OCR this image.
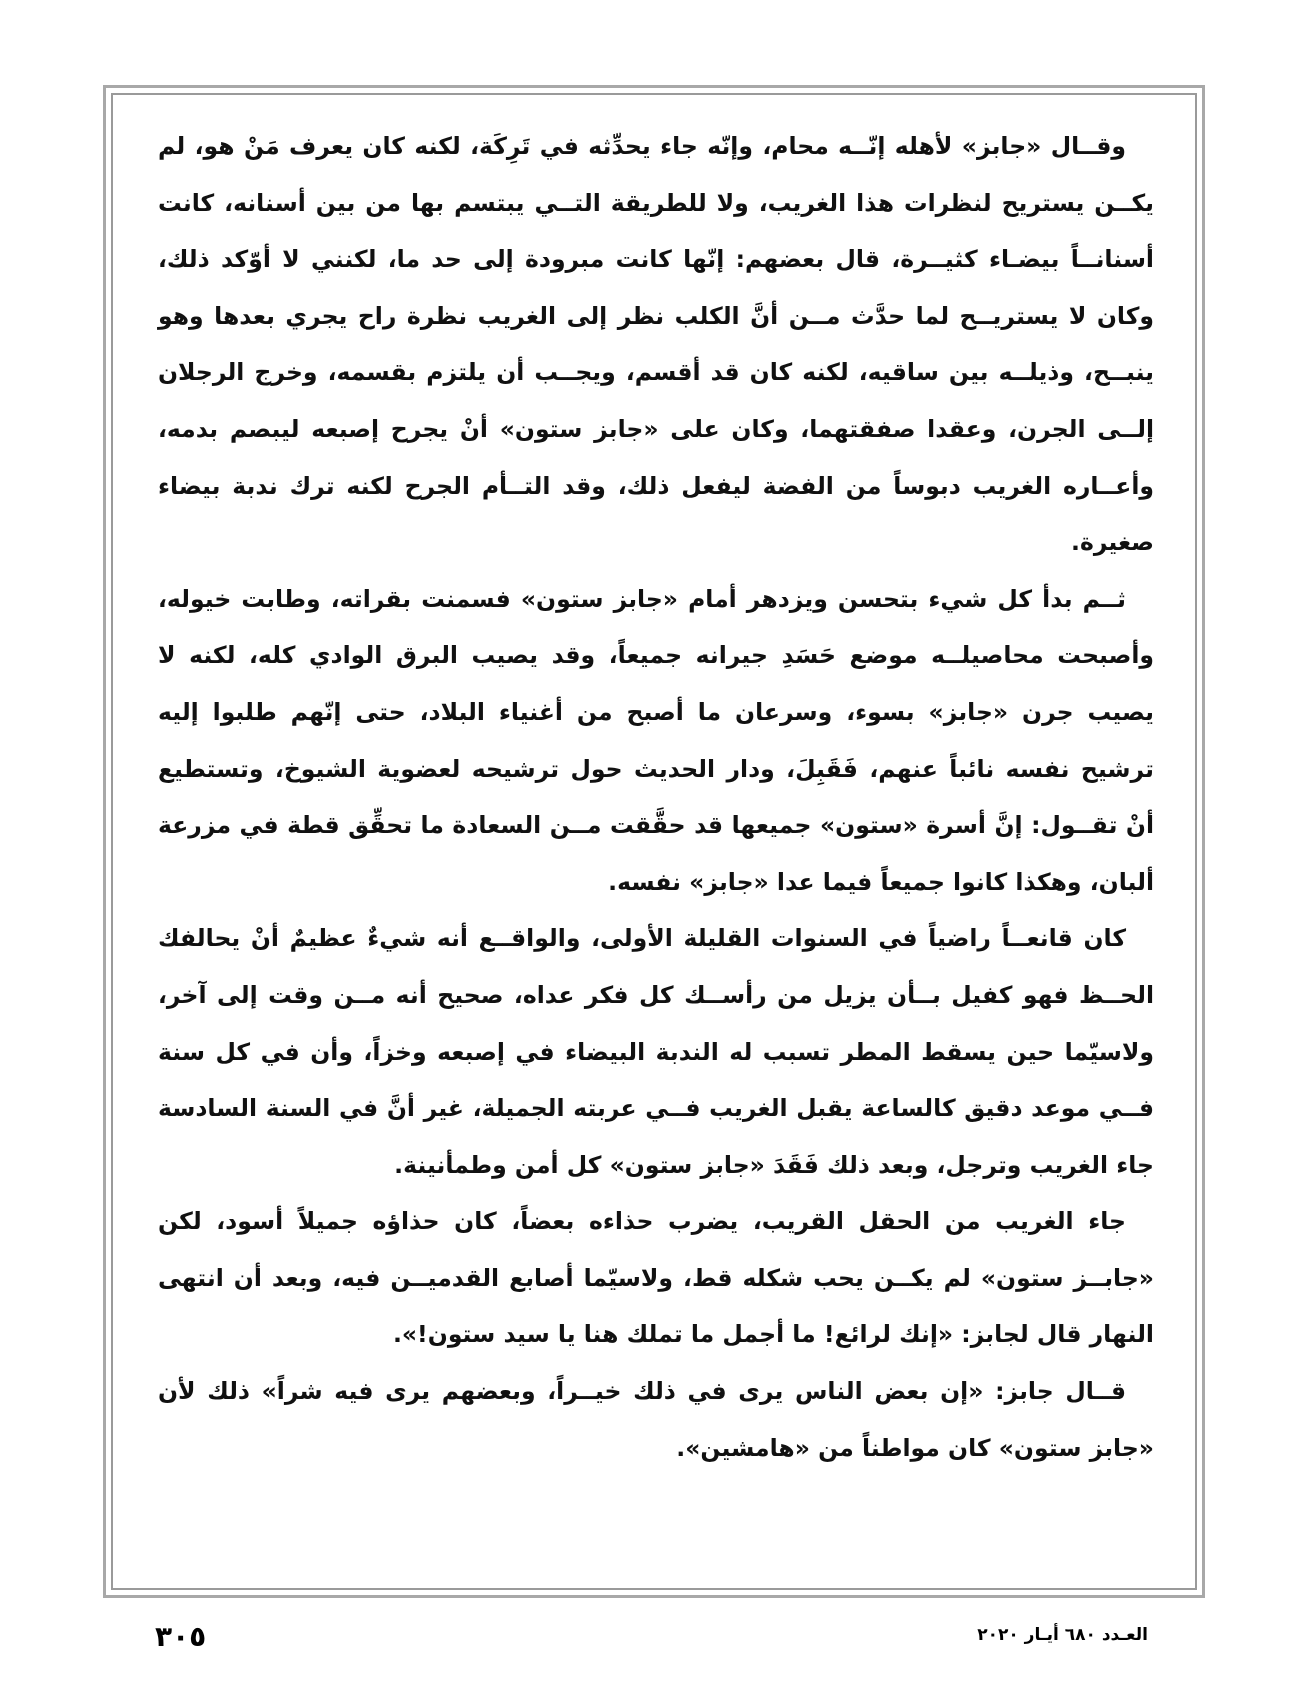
وقــال «جابز» لأهله إنّــه محام، وإنّه جاء يحدِّثه في تَرِكَة، لكنه كان يعرف مَنْ هو، لم يكــن يستريح لنظرات هذا الغريب، ولا للطريقة التــي يبتسم بها من بين أسنانه، كانت أسنانــاً بيضـاء كثيــرة، قال بعضهم: إنّها كانت مبرودة إلى حد ما، لكنني لا أوّكد ذلك، وكان لا يستريــح لما حدَّث مــن أنَّ الكلب نظر إلى الغريب نظرة راح يجري بعدها وهو ينبــح، وذيلــه بين ساقيه، لكنه كان قد أقسم، ويجــب أن يلتزم بقسمه، وخرج الرجلان إلــى الجرن، وعقدا صفقتهما، وكان على «جابز ستون» أنْ يجرح إصبعه ليبصم بدمه، وأعــاره الغريب دبوساً من الفضة ليفعل ذلك، وقد التــأم الجرح لكنه ترك ندبة بيضاء صغيرة.

ثــم بدأ كل شيء بتحسن ويزدهر أمام «جابز ستون» فسمنت بقراته، وطابت خيوله، وأصبحت محاصيلــه موضع حَسَدِ جيرانه جميعاً، وقد يصيب البرق الوادي كله، لكنه لا يصيب جرن «جابز» بسوء، وسرعان ما أصبح من أغنياء البلاد، حتى إنّهم طلبوا إليه ترشيح نفسه نائباً عنهم، فَقَبِلَ، ودار الحديث حول ترشيحه لعضوية الشيوخ، وتستطيع أنْ تقــول: إنَّ أسرة «ستون» جميعها قد حقَّقت مــن السعادة ما تحقِّق قطة في مزرعة ألبان، وهكذا كانوا جميعاً فيما عدا «جابز» نفسه.

كان قانعــاً راضياً في السنوات القليلة الأولى، والواقــع أنه شيءٌ عظيمٌ أنْ يحالفك الحــظ فهو كفيل بــأن يزيل من رأســك كل فكر عداه، صحيح أنه مــن وقت إلى آخر، ولاسيّما حين يسقط المطر تسبب له الندبة البيضاء في إصبعه وخزاً، وأن في كل سنة فــي موعد دقيق كالساعة يقبل الغريب فــي عربته الجميلة، غير أنَّ في السنة السادسة جاء الغريب وترجل، وبعد ذلك فَقَدَ «جابز ستون» كل أمن وطمأنينة.

جاء الغريب من الحقل القريب، يضرب حذاءه بعضاً، كان حذاؤه جميلاً أسود، لكن «جابــز ستون» لم يكــن يحب شكله قط، ولاسيّما أصابع القدميــن فيه، وبعد أن انتهى النهار قال لجابز: «إنك لرائع! ما أجمل ما تملك هنا يا سيد ستون!».

قــال جابز: «إن بعض الناس يرى في ذلك خيــراً، وبعضهم يرى فيه شراً» ذلك لأن «جابز ستون» كان مواطناً من «هامشين».

٣٠٥	العـدد ٦٨٠ أيـار ٢٠٢٠
